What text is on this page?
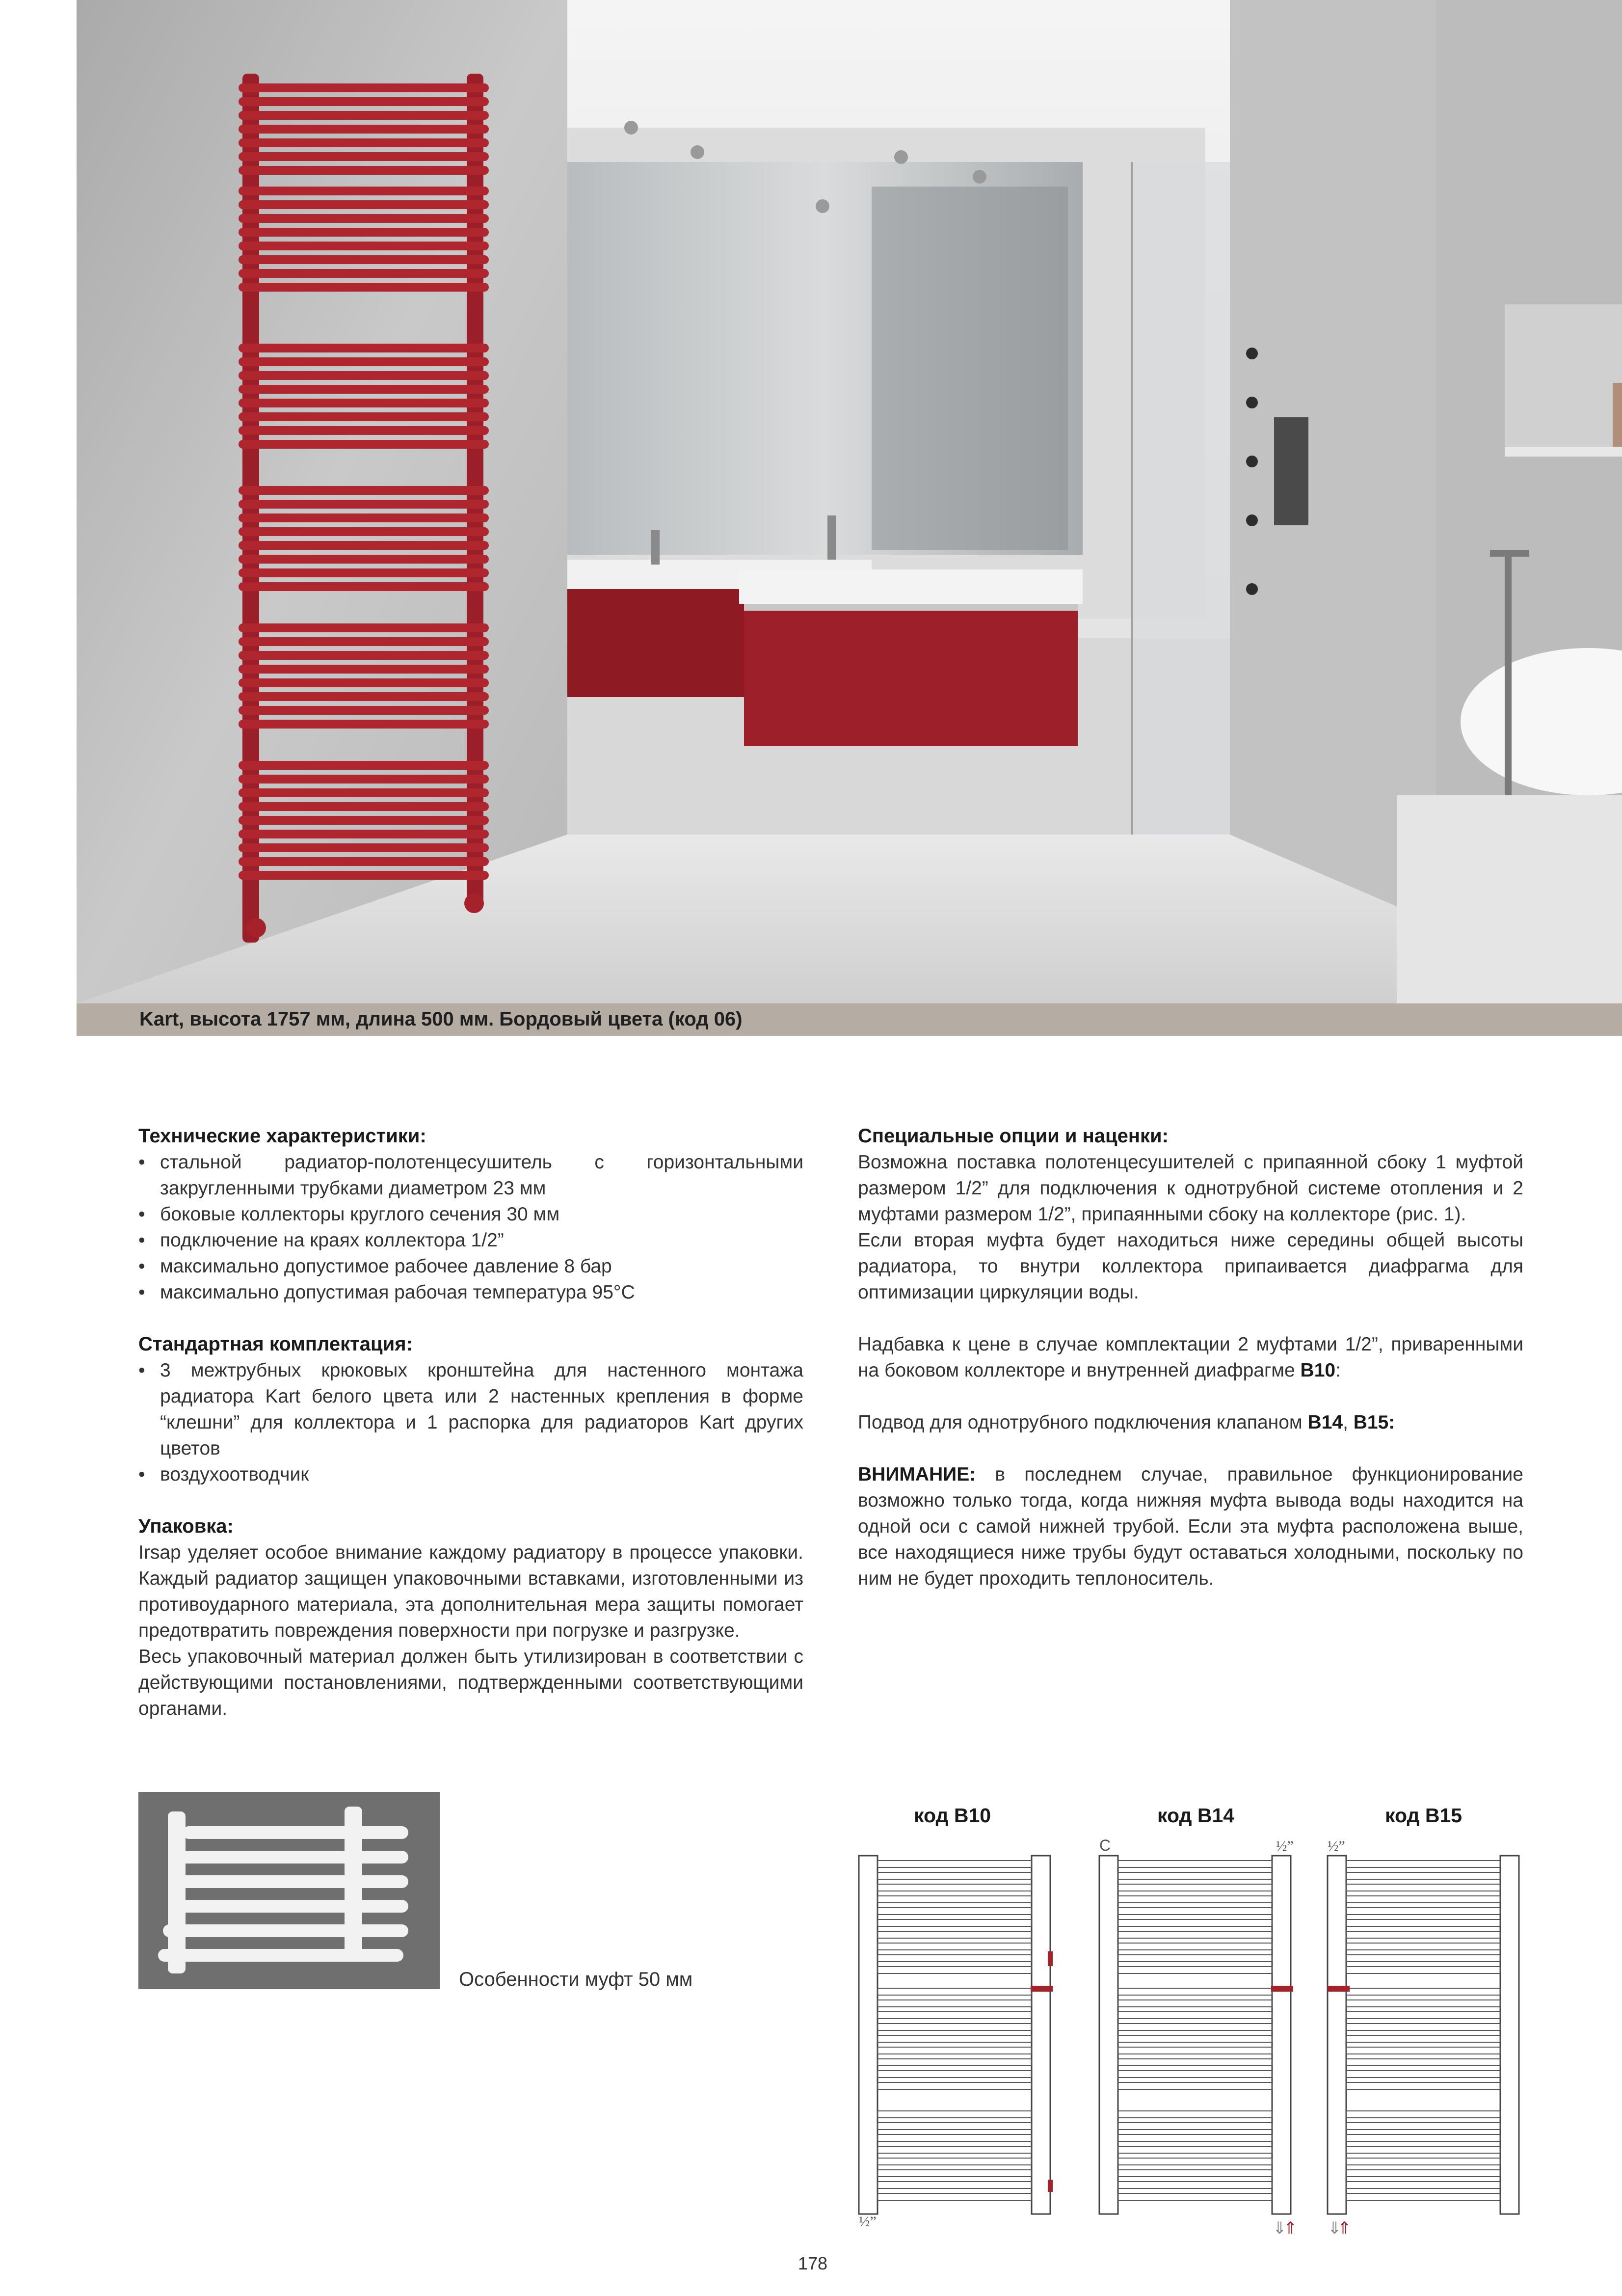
Kart, высота 1757 мм, длина 500 мм. Бордовый цвета (код 06)
Технические характеристики:
• стальной радиатор-полотенцесушитель с горизонтальными закругленными трубками диаметром 23 мм
• боковые коллекторы круглого сечения 30 мм
• подключение на краях коллектора 1/2”
• максимально допустимое рабочее давление 8 бар
• максимально допустимая рабочая температура 95°C
Стандартная комплектация:
• 3 межтрубных крюковых кронштейна для настенного монтажа радиатора Kart белого цвета или 2 настенных крепления в форме “клешни” для коллектора и 1 распорка для радиаторов Kart других цветов
• воздухоотводчик
Упаковка:

Irsap уделяет особое внимание каждому радиатору в процессе упаковки. Каждый радиатор защищен упаковочными вставками, изготовленными из противоударного материала, эта дополнительная мера защиты помогает предотвратить повреждения поверхности при погрузке и разгрузке.

Весь упаковочный материал должен быть утилизирован в соответствии с действующими постановлениями, подтвержденными соответствующими органами.

Специальные опции и наценки:

Возможна поставка полотенцесушителей с припаянной сбоку 1 муфтой размером 1/2” для подключения к однотрубной системе отопления и 2 муфтами размером 1/2”, припаянными сбоку на коллекторе (рис. 1).

Если вторая муфта будет находиться ниже середины общей высоты радиатора, то внутри коллектора припаивается диафрагма для оптимизации циркуляции воды.

Надбавка к цене в случае комплектации 2 муфтами 1/2”, приваренными на боковом коллекторе и внутренней диафрагме B10:

Подвод для однотрубного подключения клапаном B14, B15:

ВНИМАНИЕ: в последнем случае, правильное функционирование возможно только тогда, когда нижняя муфта вывода воды находится на одной оси с самой нижней трубой. Если эта муфта расположена выше, все находящиеся ниже трубы будут оставаться холодными, поскольку по ним не будет проходить теплоноситель.

Особенности муфт 50 мм
код B10	код B14	код B15
½”
C	½”
⇓
⇑
½”
⇓
⇑
178
